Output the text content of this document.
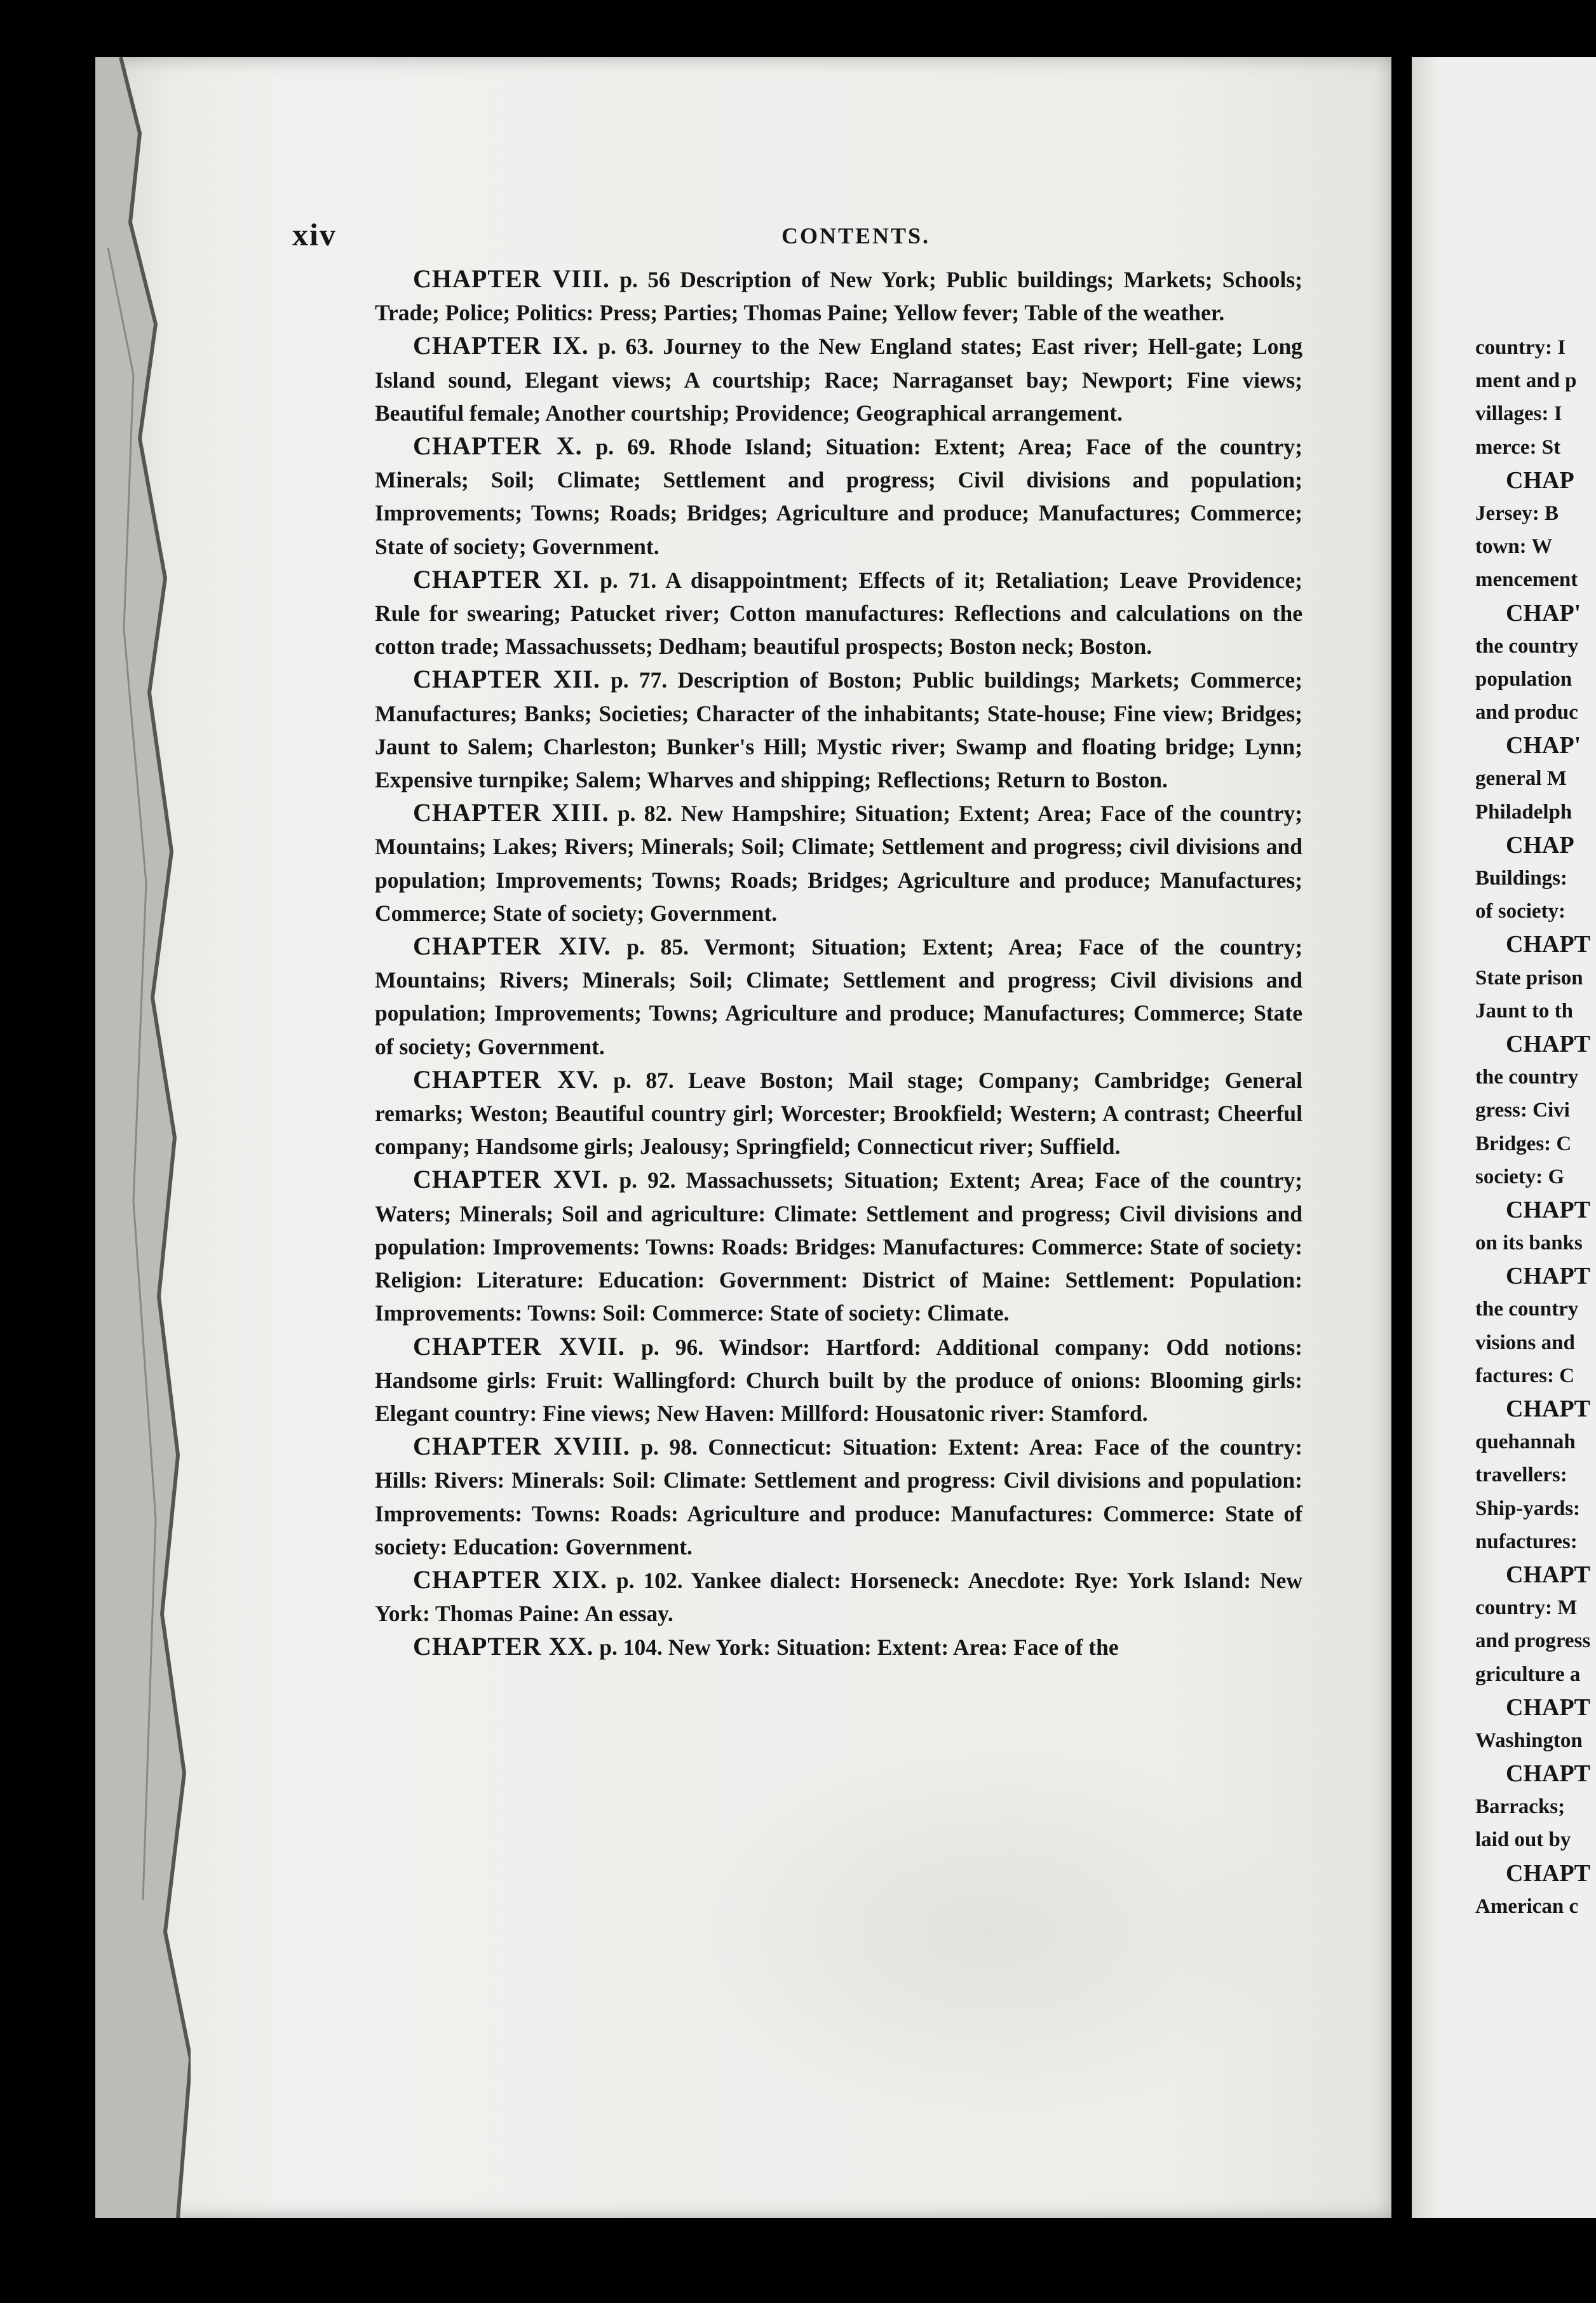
xiv	CONTENTS.

CHAPTER VIII. p. 56 Description of New York; Public buildings; Markets; Schools; Trade; Police; Politics: Press; Parties; Thomas Paine; Yellow fever; Table of the weather.

CHAPTER IX. p. 63. Journey to the New England states; East river; Hell-gate; Long Island sound, Elegant views; A courtship; Race; Narraganset bay; Newport; Fine views; Beautiful female; Another courtship; Providence; Geographical arrangement.

CHAPTER X. p. 69. Rhode Island; Situation: Extent; Area; Face of the country; Minerals; Soil; Climate; Settlement and progress; Civil divisions and population; Improvements; Towns; Roads; Bridges; Agriculture and produce; Manufactures; Commerce; State of society; Government.

CHAPTER XI. p. 71. A disappointment; Effects of it; Retaliation; Leave Providence; Rule for swearing; Patucket river; Cotton manufactures: Reflections and calculations on the cotton trade; Massachussets; Dedham; beautiful prospects; Boston neck; Boston.

CHAPTER XII. p. 77. Description of Boston; Public buildings; Markets; Commerce; Manufactures; Banks; Societies; Character of the inhabitants; State-house; Fine view; Bridges; Jaunt to Salem; Charleston; Bunker's Hill; Mystic river; Swamp and floating bridge; Lynn; Expensive turnpike; Salem; Wharves and shipping; Reflections; Return to Boston.

CHAPTER XIII. p. 82. New Hampshire; Situation; Extent; Area; Face of the country; Mountains; Lakes; Rivers; Minerals; Soil; Climate; Settlement and progress; civil divisions and population; Improvements; Towns; Roads; Bridges; Agriculture and produce; Manufactures; Commerce; State of society; Government.

CHAPTER XIV. p. 85. Vermont; Situation; Extent; Area; Face of the country; Mountains; Rivers; Minerals; Soil; Climate; Settlement and progress; Civil divisions and population; Improvements; Towns; Agriculture and produce; Manufactures; Commerce; State of society; Government.

CHAPTER XV. p. 87. Leave Boston; Mail stage; Company; Cambridge; General remarks; Weston; Beautiful country girl; Worcester; Brookfield; Western; A contrast; Cheerful company; Handsome girls; Jealousy; Springfield; Connecticut river; Suffield.

CHAPTER XVI. p. 92. Massachussets; Situation; Extent; Area; Face of the country; Waters; Minerals; Soil and agriculture: Climate: Settlement and progress; Civil divisions and population: Improvements: Towns: Roads: Bridges: Manufactures: Commerce: State of society: Religion: Literature: Education: Government: District of Maine: Settlement: Population: Improvements: Towns: Soil: Commerce: State of society: Climate.

CHAPTER XVII. p. 96. Windsor: Hartford: Additional company: Odd notions: Handsome girls: Fruit: Wallingford: Church built by the produce of onions: Blooming girls: Elegant country: Fine views; New Haven: Millford: Housatonic river: Stamford.

CHAPTER XVIII. p. 98. Connecticut: Situation: Extent: Area: Face of the country: Hills: Rivers: Minerals: Soil: Climate: Settlement and progress: Civil divisions and population: Improvements: Towns: Roads: Agriculture and produce: Manufactures: Commerce: State of society: Education: Government.

CHAPTER XIX. p. 102. Yankee dialect: Horseneck: Anecdote: Rye: York Island: New York: Thomas Paine: An essay.

CHAPTER XX. p. 104. New York: Situation: Extent: Area: Face of the

country: I
ment and p
villages: I
merce: St
CHAP
Jersey: B
town: W
mencement
CHAP'
the country
population
and produc
CHAP'
general M
Philadelph
CHAP
Buildings:
of society:
CHAPT
State prison
Jaunt to th
CHAPT
the country
gress: Civi
Bridges: C
society: G
CHAPT
on its banks
CHAPT
the country
visions and
factures: C
CHAPT
quehannah
travellers:
Ship-yards:
nufactures:
CHAPT
country: M
and progress
griculture a
CHAPT
Washington
CHAPT
Barracks;
laid out by
CHAPT
American c
